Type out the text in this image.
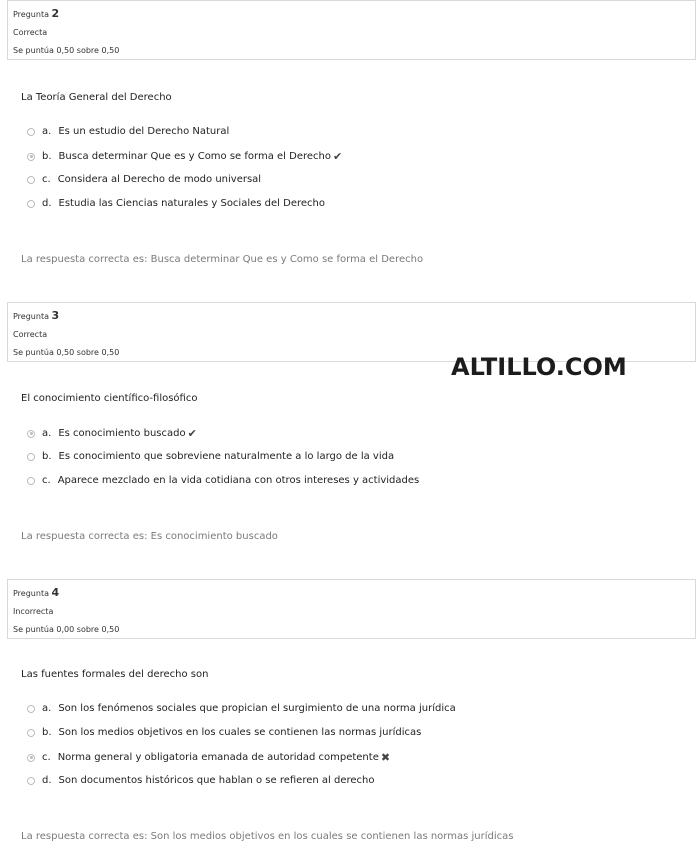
Pregunta 2
Correcta
Se puntúa 0,50 sobre 0,50
La Teoría General del Derecho
a. Es un estudio del Derecho Natural
b. Busca determinar Que es y Como se forma el Derecho ✔
c. Considera al Derecho de modo universal
d. Estudia las Ciencias naturales y Sociales del Derecho
La respuesta correcta es: Busca determinar Que es y Como se forma el Derecho
Pregunta 3
Correcta
Se puntúa 0,50 sobre 0,50
El conocimiento científico-filosófico
a. Es conocimiento buscado ✔
b. Es conocimiento que sobreviene naturalmente a lo largo de la vida
c. Aparece mezclado en la vida cotidiana con otros intereses y actividades
La respuesta correcta es: Es conocimiento buscado
Pregunta 4
Incorrecta
Se puntúa 0,00 sobre 0,50
Las fuentes formales del derecho son
a. Son los fenómenos sociales que propician el surgimiento de una norma jurídica
b. Son los medios objetivos en los cuales se contienen las normas jurídicas
c. Norma general y obligatoria emanada de autoridad competente ✖
d. Son documentos históricos que hablan o se refieren al derecho
La respuesta correcta es: Son los medios objetivos en los cuales se contienen las normas jurídicas
ALTILLO.COM
